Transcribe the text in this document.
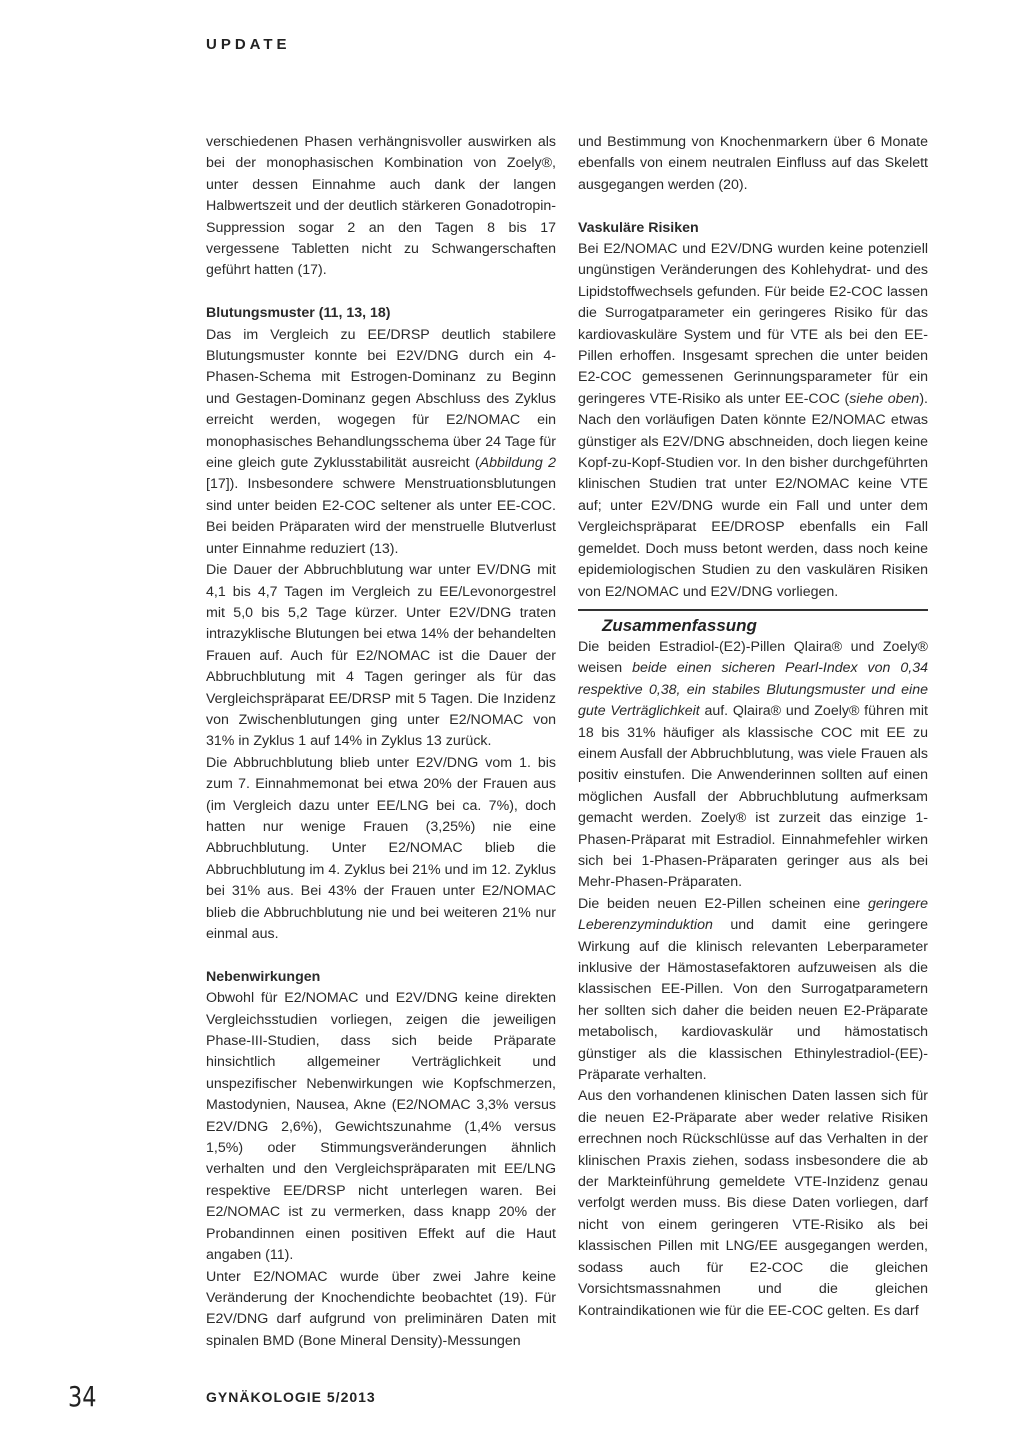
UPDATE

verschiedenen Phasen verhängnisvoller auswirken als bei der monophasischen Kombination von Zoely®, unter dessen Einnahme auch dank der langen Halbwertszeit und der deutlich stärkeren Gonadotropin-Suppression sogar 2 an den Tagen 8 bis 17 vergessene Tabletten nicht zu Schwangerschaften geführt hatten (17).

Blutungsmuster (11, 13, 18)

Das im Vergleich zu EE/DRSP deutlich stabilere Blutungsmuster konnte bei E2V/DNG durch ein 4-Phasen-Schema mit Estrogen-Dominanz zu Beginn und Gestagen-Dominanz gegen Abschluss des Zyklus erreicht werden, wogegen für E2/NOMAC ein monophasisches Behandlungsschema über 24 Tage für eine gleich gute Zyklusstabilität ausreicht (Abbildung 2 [17]). Insbesondere schwere Menstruationsblutungen sind unter beiden E2-COC seltener als unter EE-COC. Bei beiden Präparaten wird der menstruelle Blutverlust unter Einnahme reduziert (13).

Die Dauer der Abbruchblutung war unter EV/DNG mit 4,1 bis 4,7 Tagen im Vergleich zu EE/Levonorgestrel mit 5,0 bis 5,2 Tage kürzer. Unter E2V/DNG traten intrazyklische Blutungen bei etwa 14% der behandelten Frauen auf. Auch für E2/NOMAC ist die Dauer der Abbruchblutung mit 4 Tagen geringer als für das Vergleichspräparat EE/DRSP mit 5 Tagen. Die Inzidenz von Zwischenblutungen ging unter E2/NOMAC von 31% in Zyklus 1 auf 14% in Zyklus 13 zurück.

Die Abbruchblutung blieb unter E2V/DNG vom 1. bis zum 7. Einnahmemonat bei etwa 20% der Frauen aus (im Vergleich dazu unter EE/LNG bei ca. 7%), doch hatten nur wenige Frauen (3,25%) nie eine Abbruchblutung. Unter E2/NOMAC blieb die Abbruchblutung im 4. Zyklus bei 21% und im 12. Zyklus bei 31% aus. Bei 43% der Frauen unter E2/NOMAC blieb die Abbruchblutung nie und bei weiteren 21% nur einmal aus.

Nebenwirkungen

Obwohl für E2/NOMAC und E2V/DNG keine direkten Vergleichsstudien vorliegen, zeigen die jeweiligen Phase-III-Studien, dass sich beide Präparate hinsichtlich allgemeiner Verträglichkeit und unspezifischer Nebenwirkungen wie Kopfschmerzen, Mastodynien, Nausea, Akne (E2/NOMAC 3,3% versus E2V/DNG 2,6%), Gewichtszunahme (1,4% versus 1,5%) oder Stimmungsveränderungen ähnlich verhalten und den Vergleichspräparaten mit EE/LNG respektive EE/DRSP nicht unterlegen waren. Bei E2/NOMAC ist zu vermerken, dass knapp 20% der Probandinnen einen positiven Effekt auf die Haut angaben (11).

Unter E2/NOMAC wurde über zwei Jahre keine Veränderung der Knochendichte beobachtet (19). Für E2V/DNG darf aufgrund von preliminären Daten mit spinalen BMD (Bone Mineral Density)-Messungen

und Bestimmung von Knochenmarkern über 6 Monate ebenfalls von einem neutralen Einfluss auf das Skelett ausgegangen werden (20).

Vaskuläre Risiken

Bei E2/NOMAC und E2V/DNG wurden keine potenziell ungünstigen Veränderungen des Kohlehydrat- und des Lipidstoffwechsels gefunden. Für beide E2-COC lassen die Surrogatparameter ein geringeres Risiko für das kardiovaskuläre System und für VTE als bei den EE-Pillen erhoffen. Insgesamt sprechen die unter beiden E2-COC gemessenen Gerinnungsparameter für ein geringeres VTE-Risiko als unter EE-COC (siehe oben). Nach den vorläufigen Daten könnte E2/NOMAC etwas günstiger als E2V/DNG abschneiden, doch liegen keine Kopf-zu-Kopf-Studien vor. In den bisher durchgeführten klinischen Studien trat unter E2/NOMAC keine VTE auf; unter E2V/DNG wurde ein Fall und unter dem Vergleichspräparat EE/DROSP ebenfalls ein Fall gemeldet. Doch muss betont werden, dass noch keine epidemiologischen Studien zu den vaskulären Risiken von E2/NOMAC und E2V/DNG vorliegen.

Zusammenfassung

Die beiden Estradiol-(E2)-Pillen Qlaira® und Zoely® weisen beide einen sicheren Pearl-Index von 0,34 respektive 0,38, ein stabiles Blutungsmuster und eine gute Verträglichkeit auf. Qlaira® und Zoely® führen mit 18 bis 31% häufiger als klassische COC mit EE zu einem Ausfall der Abbruchblutung, was viele Frauen als positiv einstufen. Die Anwenderinnen sollten auf einen möglichen Ausfall der Abbruchblutung aufmerksam gemacht werden. Zoely® ist zurzeit das einzige 1-Phasen-Präparat mit Estradiol. Einnahmefehler wirken sich bei 1-Phasen-Präparaten geringer aus als bei Mehr-Phasen-Präparaten.

Die beiden neuen E2-Pillen scheinen eine geringere Leberenzyminduktion und damit eine geringere Wirkung auf die klinisch relevanten Leberparameter inklusive der Hämostasefaktoren aufzuweisen als die klassischen EE-Pillen. Von den Surrogatparametern her sollten sich daher die beiden neuen E2-Präparate metabolisch, kardiovaskulär und hämostatisch günstiger als die klassischen Ethinylestradiol-(EE)-Präparate verhalten.

Aus den vorhandenen klinischen Daten lassen sich für die neuen E2-Präparate aber weder relative Risiken errechnen noch Rückschlüsse auf das Verhalten in der klinischen Praxis ziehen, sodass insbesondere die ab der Markteinführung gemeldete VTE-Inzidenz genau verfolgt werden muss. Bis diese Daten vorliegen, darf nicht von einem geringeren VTE-Risiko als bei klassischen Pillen mit LNG/EE ausgegangen werden, sodass auch für E2-COC die gleichen Vorsichtsmassnahmen und die gleichen Kontraindikationen wie für die EE-COC gelten. Es darf

34	GYNÄKOLOGIE 5/2013
